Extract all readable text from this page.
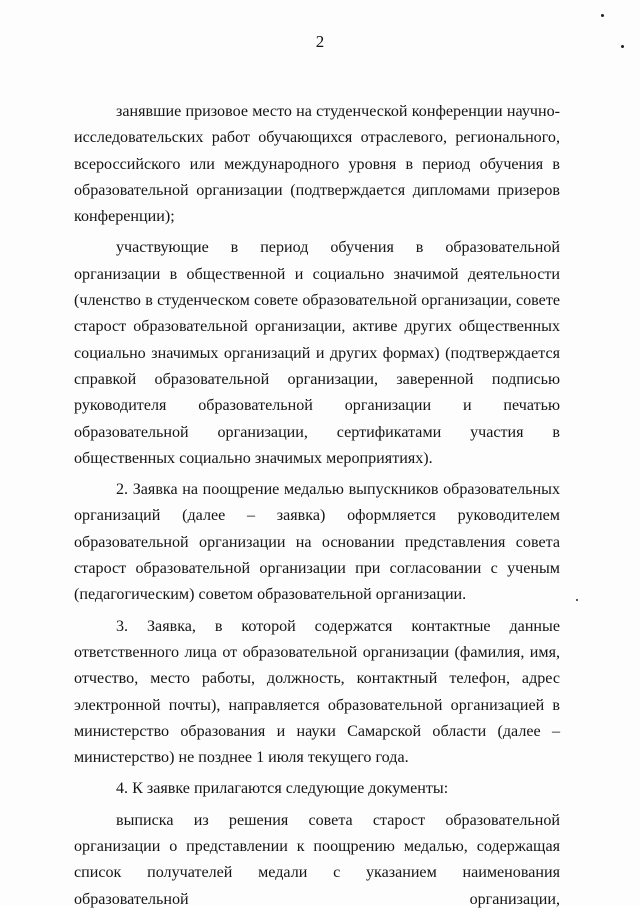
2

занявшие призовое место на студенческой конференции научно-исследовательских работ обучающихся отраслевого, регионального, всероссийского или международного уровня в период обучения в образовательной организации (подтверждается дипломами призеров конференции);

участвующие в период обучения в образовательной организации в общественной и социально значимой деятельности (членство в студенческом совете образовательной организации, совете старост образовательной организации, активе других общественных социально значимых организаций и других формах) (подтверждается справкой образовательной организации, заверенной подписью руководителя образовательной организации и печатью образовательной организации, сертификатами участия в общественных социально значимых мероприятиях).

2. Заявка на поощрение медалью выпускников образовательных организаций (далее – заявка) оформляется руководителем образовательной организации на основании представления совета старост образовательной организации при согласовании с ученым (педагогическим) советом образовательной организации.

3. Заявка, в которой содержатся контактные данные ответственного лица от образовательной организации (фамилия, имя, отчество, место работы, должность, контактный телефон, адрес электронной почты), направляется образовательной организацией в министерство образования и науки Самарской области (далее – министерство) не позднее 1 июля текущего года.

4. К заявке прилагаются следующие документы:

выписка из решения совета старост образовательной организации о представлении к поощрению медалью, содержащая список получателей медали с указанием наименования образовательной организации,
